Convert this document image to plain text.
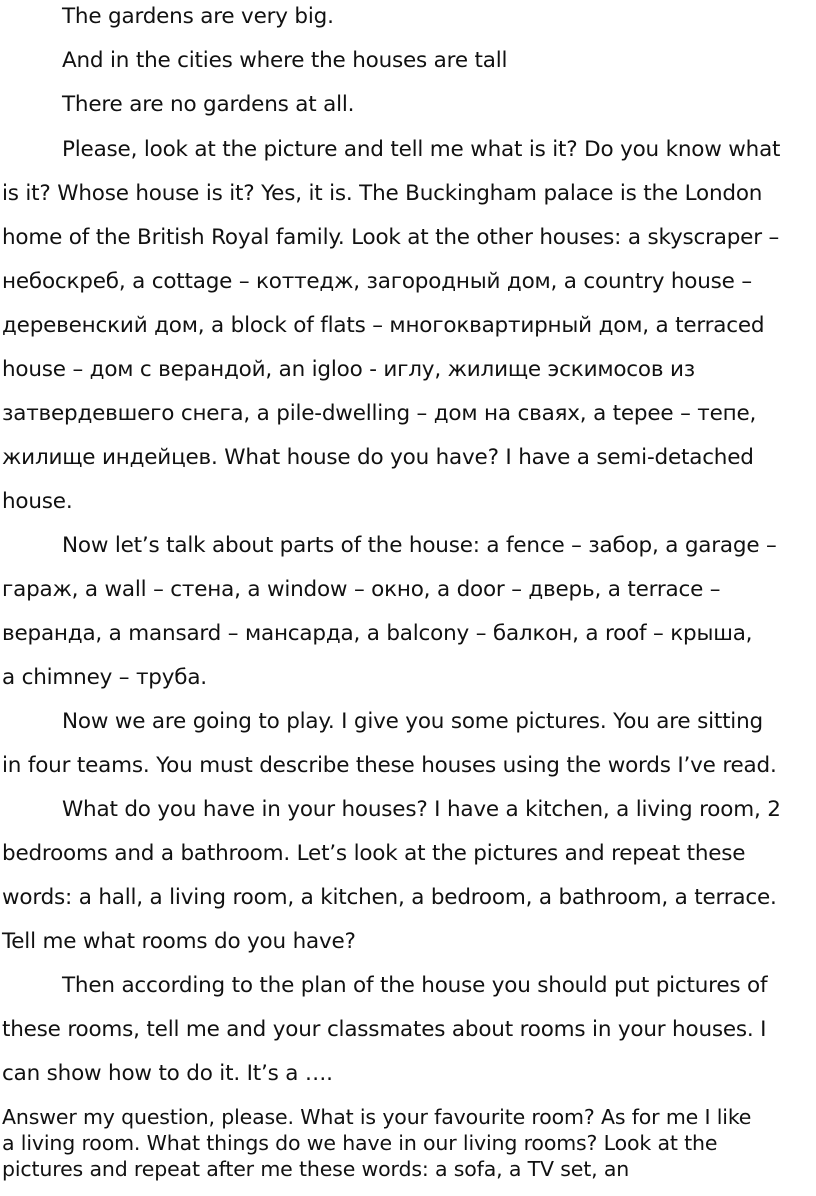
The gardens are very big.
And in the cities where the houses are tall
There are no gardens at all.
Please, look at the picture and tell me what is it? Do you know what
is it? Whose house is it? Yes, it is. The Buckingham palace is the London
home of the British Royal family. Look at the other houses: a skyscraper –
небоскреб, a cottage – коттедж, загородный дом, a country house –
деревенский дом, a block of flats – многоквартирный дом, a terraced
house – дом с верандой, an igloo - иглу, жилище эскимосов из
затвердевшего снега, a pile-dwelling – дом на сваях, a tepee – тепе,
жилище индейцев. What house do you have? I have a semi-detached
house.
Now let’s talk about parts of the house: a fence – забор, a garage –
гараж, a wall – стена, a window – окно, a door – дверь, a terrace –
веранда, a mansard – мансарда, a balcony – балкон, a roof – крыша,
a chimney – труба.
Now we are going to play. I give you some pictures. You are sitting
in four teams. You must describe these houses using the words I’ve read.
What do you have in your houses? I have a kitchen, a living room, 2
bedrooms and a bathroom. Let’s look at the pictures and repeat these
words: a hall, a living room, a kitchen, a bedroom, a bathroom, a terrace.
Tell me what rooms do you have?
Then according to the plan of the house you should put pictures of
these rooms, tell me and your classmates about rooms in your houses. I
can show how to do it. It’s a ….
Answer my question, please. What is your favourite room? As for me I like
a living room. What things do we have in our living rooms? Look at the
pictures and repeat after me these words: a sofa, a TV set, an
